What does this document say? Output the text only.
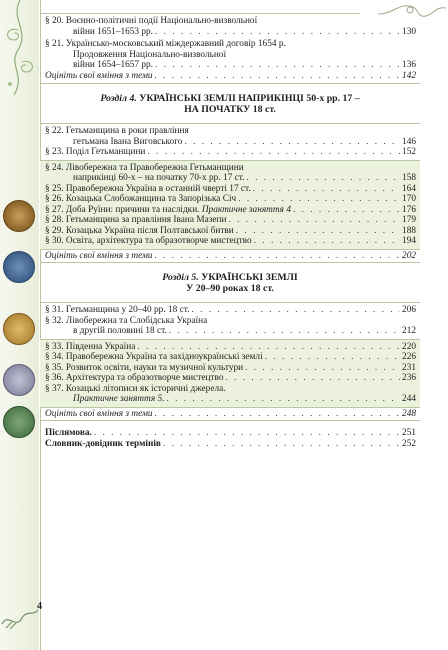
§ 20. Воєнно-політичні події Національно-визвольної
війни 1651–1653 рр. . . .	130
§ 21. Українсько-московський міждержавний договір 1654 р.
Продовження Національно-визвольної
війни 1654–1657 рр. . . .	136
Оцініть свої вміння з теми . . .	142
Розділ 4. УКРАЇНСЬКІ ЗЕМЛІ НАПРИКІНЦІ 50-х рр. 17 –
НА ПОЧАТКУ 18 ст.
§ 22. Гетьманщина в роки правління
гетьмана Івана Виговського . . .	146
§ 23. Поділ Гетьманщини . . .	152
§ 24. Лівобережна та Правобережна Гетьманщини
наприкінці 60-х – на початку 70-х рр. 17 ст. . . .	158
§ 25. Правобережна Україна в останній чверті 17 ст. . . .	164
§ 26. Козацька Слобожанщина та Запорізька Січ . . .	170
§ 27. Доба Руїни: причини та наслідки. Практичне заняття 4 . . .	176
§ 28. Гетьманщина за правління Івана Мазепи . . .	179
§ 29. Козацька Україна після Полтавської битви . . .	188
§ 30. Освіта, архітектура та образотворче мистецтво . . .	194
Оцініть свої вміння з теми . . .	202
Розділ 5. УКРАЇНСЬКІ ЗЕМЛІ
У 20–90 роках 18 ст.
§ 31. Гетьманщина у 20–40 рр. 18 ст. . . .	206
§ 32. Лівобережна та Слобідська Україна
в другій половині 18 ст. . . .	212
§ 33. Південна Україна . . .	220
§ 34. Правобережна Україна та західноукраїнські землі . . .	226
§ 35. Розвиток освіти, науки та музичної культури . . .	231
§ 36. Архітектура та образотворче мистецтво . . .	236
§ 37. Козацькі літописи як історичні джерела.
Практичне заняття 5. . . .	244
Оцініть свої вміння з теми . . .	248
Післямова. . . .	251
Словник-довідник термінів . . .	252
4
